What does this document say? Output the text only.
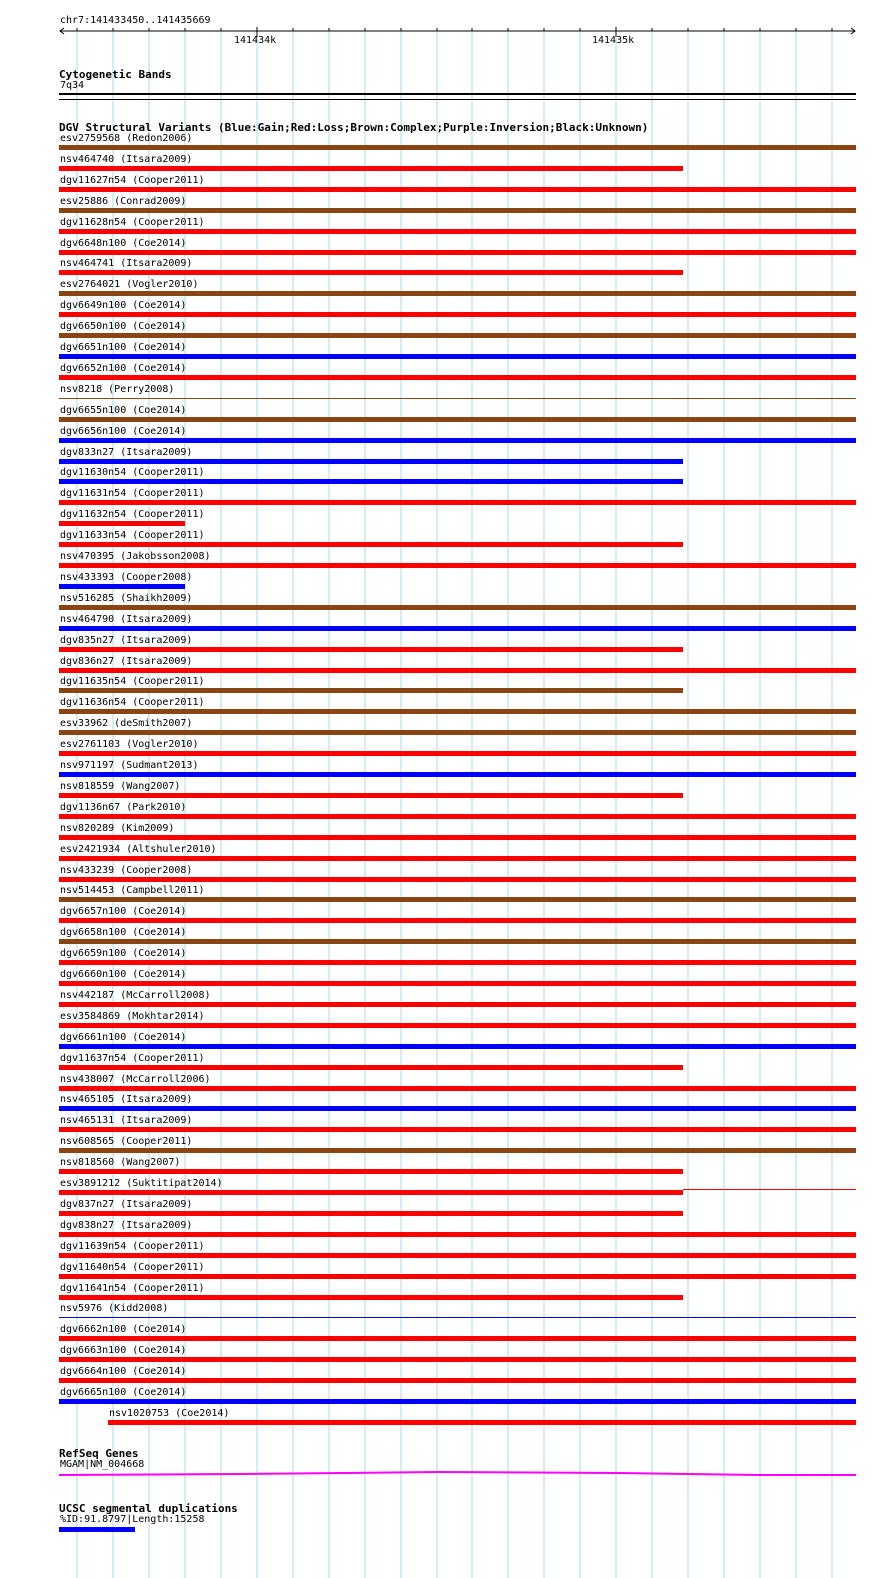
chr7:141433450..141435669
141434k	141435k
Cytogenetic Bands
7q34
DGV Structural Variants (Blue:Gain;Red:Loss;Brown:Complex;Purple:Inversion;Black:Unknown)
esv2759568 (Redon2006)
nsv464740 (Itsara2009)
dgv11627n54 (Cooper2011)
esv25886 (Conrad2009)
dgv11628n54 (Cooper2011)
dgv6648n100 (Coe2014)
nsv464741 (Itsara2009)
esv2764021 (Vogler2010)
dgv6649n100 (Coe2014)
dgv6650n100 (Coe2014)
dgv6651n100 (Coe2014)
dgv6652n100 (Coe2014)
nsv8218 (Perry2008)
dgv6655n100 (Coe2014)
dgv6656n100 (Coe2014)
dgv833n27 (Itsara2009)
dgv11630n54 (Cooper2011)
dgv11631n54 (Cooper2011)
dgv11632n54 (Cooper2011)
dgv11633n54 (Cooper2011)
nsv470395 (Jakobsson2008)
nsv433393 (Cooper2008)
nsv516285 (Shaikh2009)
nsv464790 (Itsara2009)
dgv835n27 (Itsara2009)
dgv836n27 (Itsara2009)
dgv11635n54 (Cooper2011)
dgv11636n54 (Cooper2011)
esv33962 (deSmith2007)
esv2761103 (Vogler2010)
nsv971197 (Sudmant2013)
nsv818559 (Wang2007)
dgv1136n67 (Park2010)
nsv820289 (Kim2009)
esv2421934 (Altshuler2010)
nsv433239 (Cooper2008)
nsv514453 (Campbell2011)
dgv6657n100 (Coe2014)
dgv6658n100 (Coe2014)
dgv6659n100 (Coe2014)
dgv6660n100 (Coe2014)
nsv442187 (McCarroll2008)
esv3584869 (Mokhtar2014)
dgv6661n100 (Coe2014)
dgv11637n54 (Cooper2011)
nsv438007 (McCarroll2006)
nsv465105 (Itsara2009)
nsv465131 (Itsara2009)
nsv608565 (Cooper2011)
nsv818560 (Wang2007)
esv3891212 (Suktitipat2014)
dgv837n27 (Itsara2009)
dgv838n27 (Itsara2009)
dgv11639n54 (Cooper2011)
dgv11640n54 (Cooper2011)
dgv11641n54 (Cooper2011)
nsv5976 (Kidd2008)
dgv6662n100 (Coe2014)
dgv6663n100 (Coe2014)
dgv6664n100 (Coe2014)
dgv6665n100 (Coe2014)
nsv1020753 (Coe2014)
RefSeq Genes
MGAM|NM_004668
UCSC segmental duplications
%ID:91.8797|Length:15258
